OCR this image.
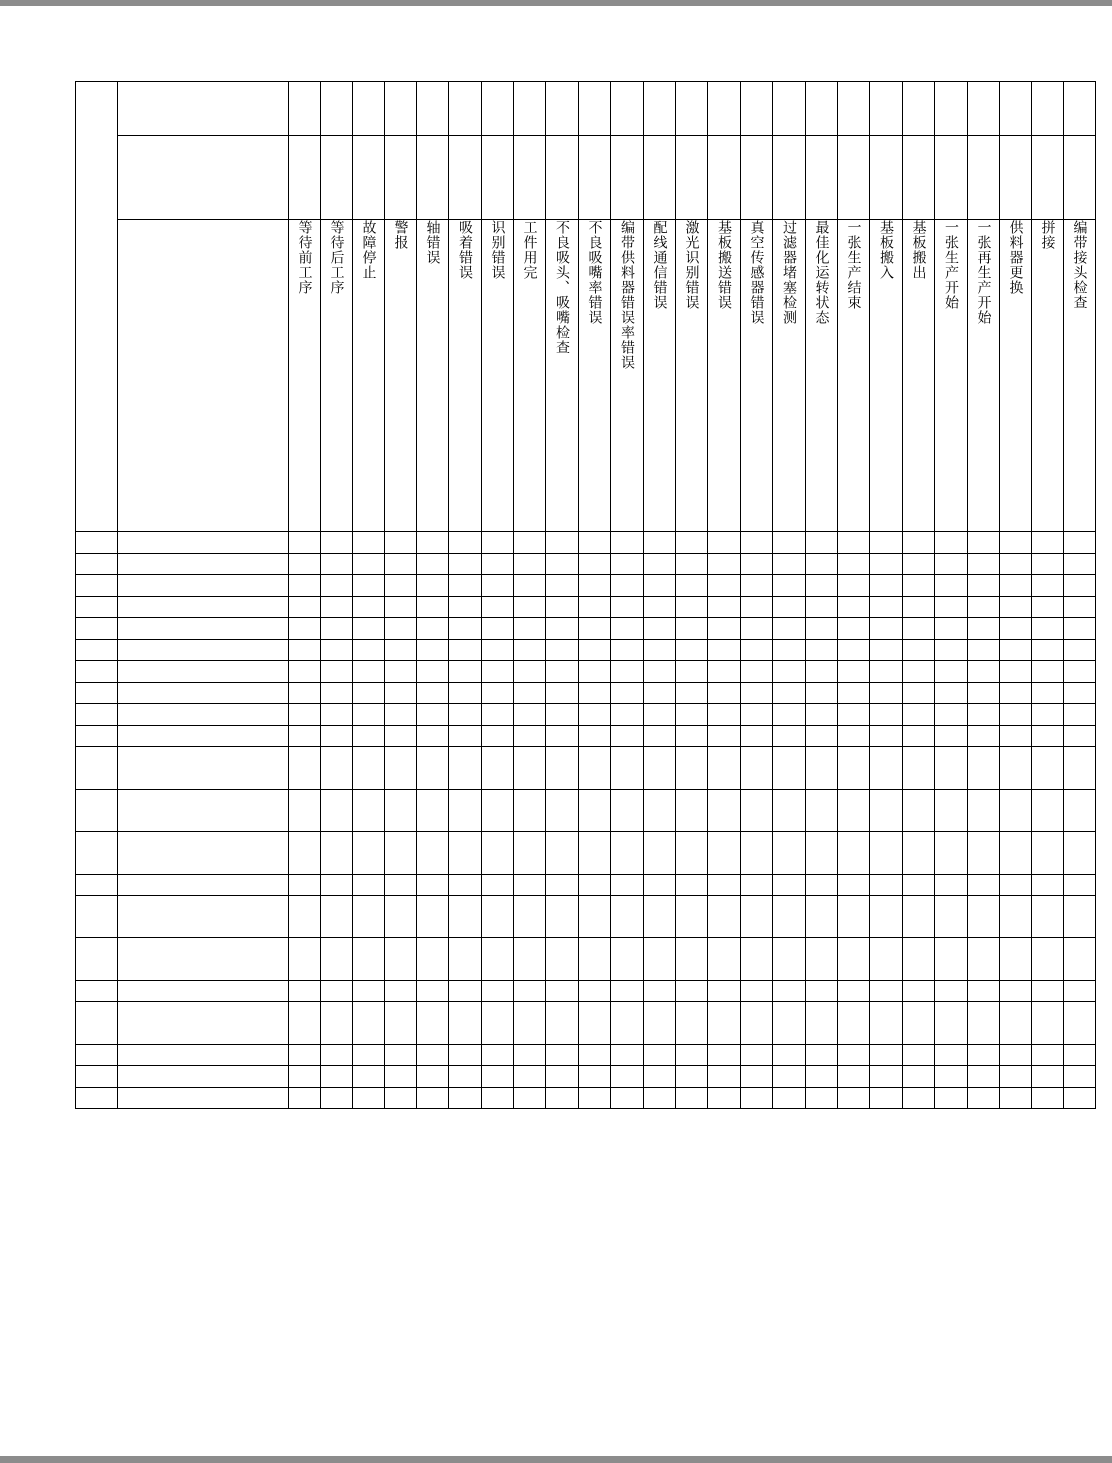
		等待前工序	等待后工序	故障停止	警报	轴错误	吸着错误	识别错误	工件用完	不良吸头、吸嘴检查	不良吸嘴率错误	编带供料器错误率错误	配线通信错误	激光识别错误	基板搬送错误	真空传感器错误	过滤器堵塞检测	最佳化运转状态	一张生产结束	基板搬入	基板搬出	一张生产开始	一张再生产开始	供料器更换	拼接	编带接头检查
